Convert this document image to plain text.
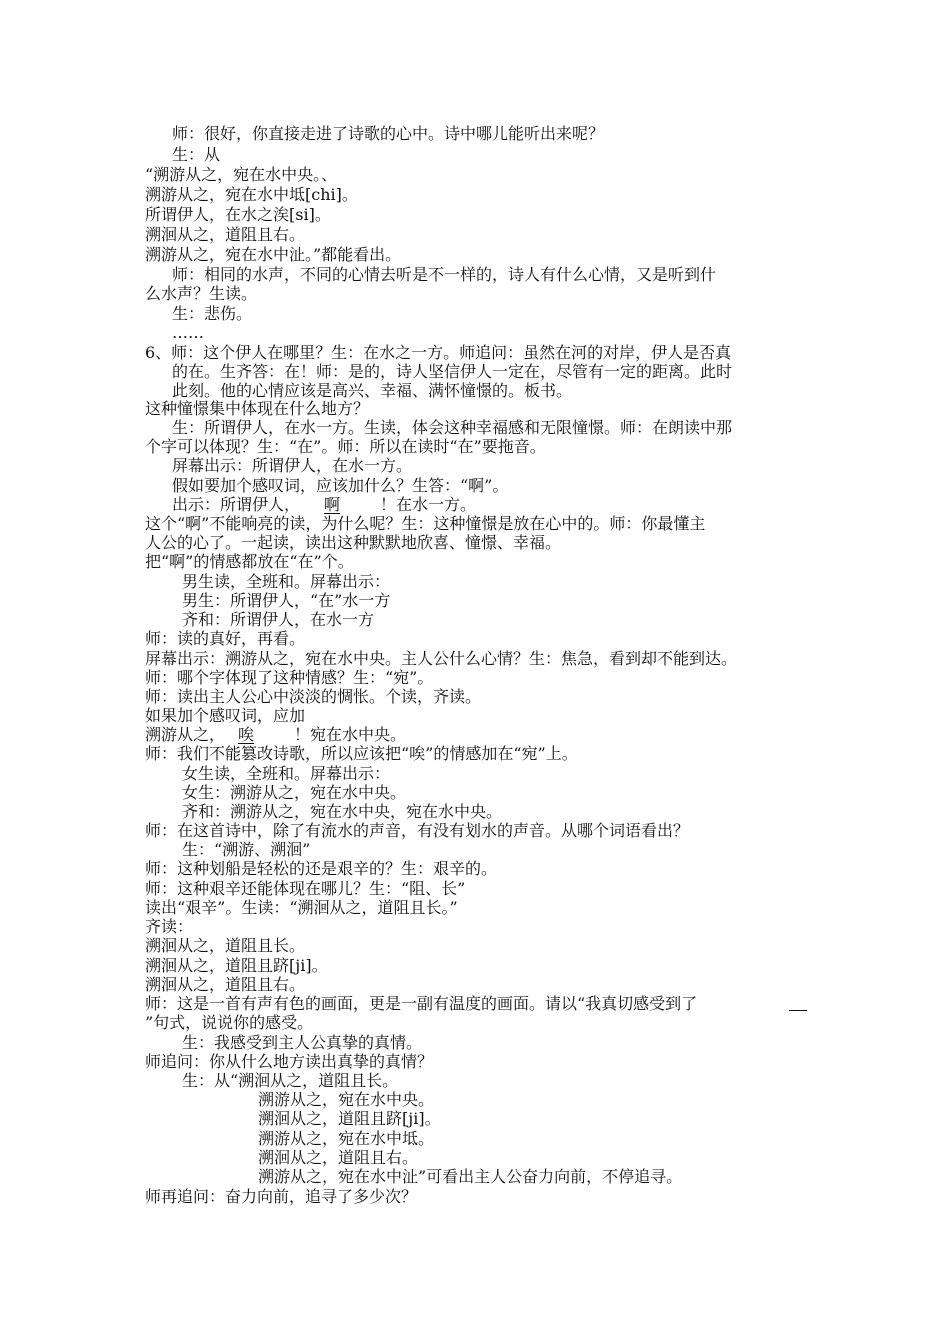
师：很好，你直接走进了诗歌的心中。诗中哪儿能听出来呢？
生：从
“溯游从之，宛在水中央。、
溯游从之，宛在水中坻[chi]。
所谓伊人，在水之涘[si]。
溯洄从之，道阻且右。
溯游从之，宛在水中沚。”都能看出。
师：相同的水声，不同的心情去听是不一样的，诗人有什么心情，又是听到什
么水声？生读。
生：悲伤。
……
6、师：这个伊人在哪里？生：在水之一方。师追问：虽然在河的对岸，伊人是否真
的在。生齐答：在！师：是的，诗人坚信伊人一定在，尽管有一定的距离。此时
此刻。他的心情应该是高兴、幸福、满怀憧憬的。板书。
这种憧憬集中体现在什么地方？
生：所谓伊人，在水一方。生读，体会这种幸福感和无限憧憬。师：在朗读中那
个字可以体现？生：“在”。师：所以在读时“在”要拖音。
屏幕出示：所谓伊人，在水一方。
假如要加个感叹词，应该加什么？生答：“啊”。
出示：所谓伊人， 啊 ！在水一方。
这个“啊”不能响亮的读，为什么呢？生：这种憧憬是放在心中的。师：你最懂主
人公的心了。一起读，读出这种默默地欣喜、憧憬、幸福。
把“啊”的情感都放在“在”个。
男生读，全班和。屏幕出示：
男生：所谓伊人，“在”水一方
齐和：所谓伊人，在水一方
师：读的真好，再看。
屏幕出示：溯游从之，宛在水中央。主人公什么心情？生：焦急，看到却不能到达。
师：哪个字体现了这种情感？生：“宛”。
师：读出主人公心中淡淡的惆怅。个读，齐读。
如果加个感叹词，应加
溯游从之， 唉 ！宛在水中央。
师：我们不能篡改诗歌，所以应该把“唉”的情感加在“宛”上。
女生读，全班和。屏幕出示：
女生：溯游从之，宛在水中央。
齐和：溯游从之，宛在水中央，宛在水中央。
师：在这首诗中，除了有流水的声音，有没有划水的声音。从哪个词语看出？
生：“溯游、溯洄”
师：这种划船是轻松的还是艰辛的？生：艰辛的。
师：这种艰辛还能体现在哪儿？生：“阻、长”
读出“艰辛”。生读：“溯洄从之，道阻且长。”
齐读：
溯洄从之，道阻且长。
溯洄从之，道阻且跻[ji]。
溯洄从之，道阻且右。
师：这是一首有声有色的画面，更是一副有温度的画面。请以“我真切感受到了
”句式，说说你的感受。
生：我感受到主人公真挚的真情。
师追问：你从什么地方读出真挚的真情？
生：从“溯洄从之，道阻且长。
溯游从之，宛在水中央。
溯洄从之，道阻且跻[ji]。
溯游从之，宛在水中坻。
溯洄从之，道阻且右。
溯游从之，宛在水中沚”可看出主人公奋力向前，不停追寻。
师再追问：奋力向前，追寻了多少次？
